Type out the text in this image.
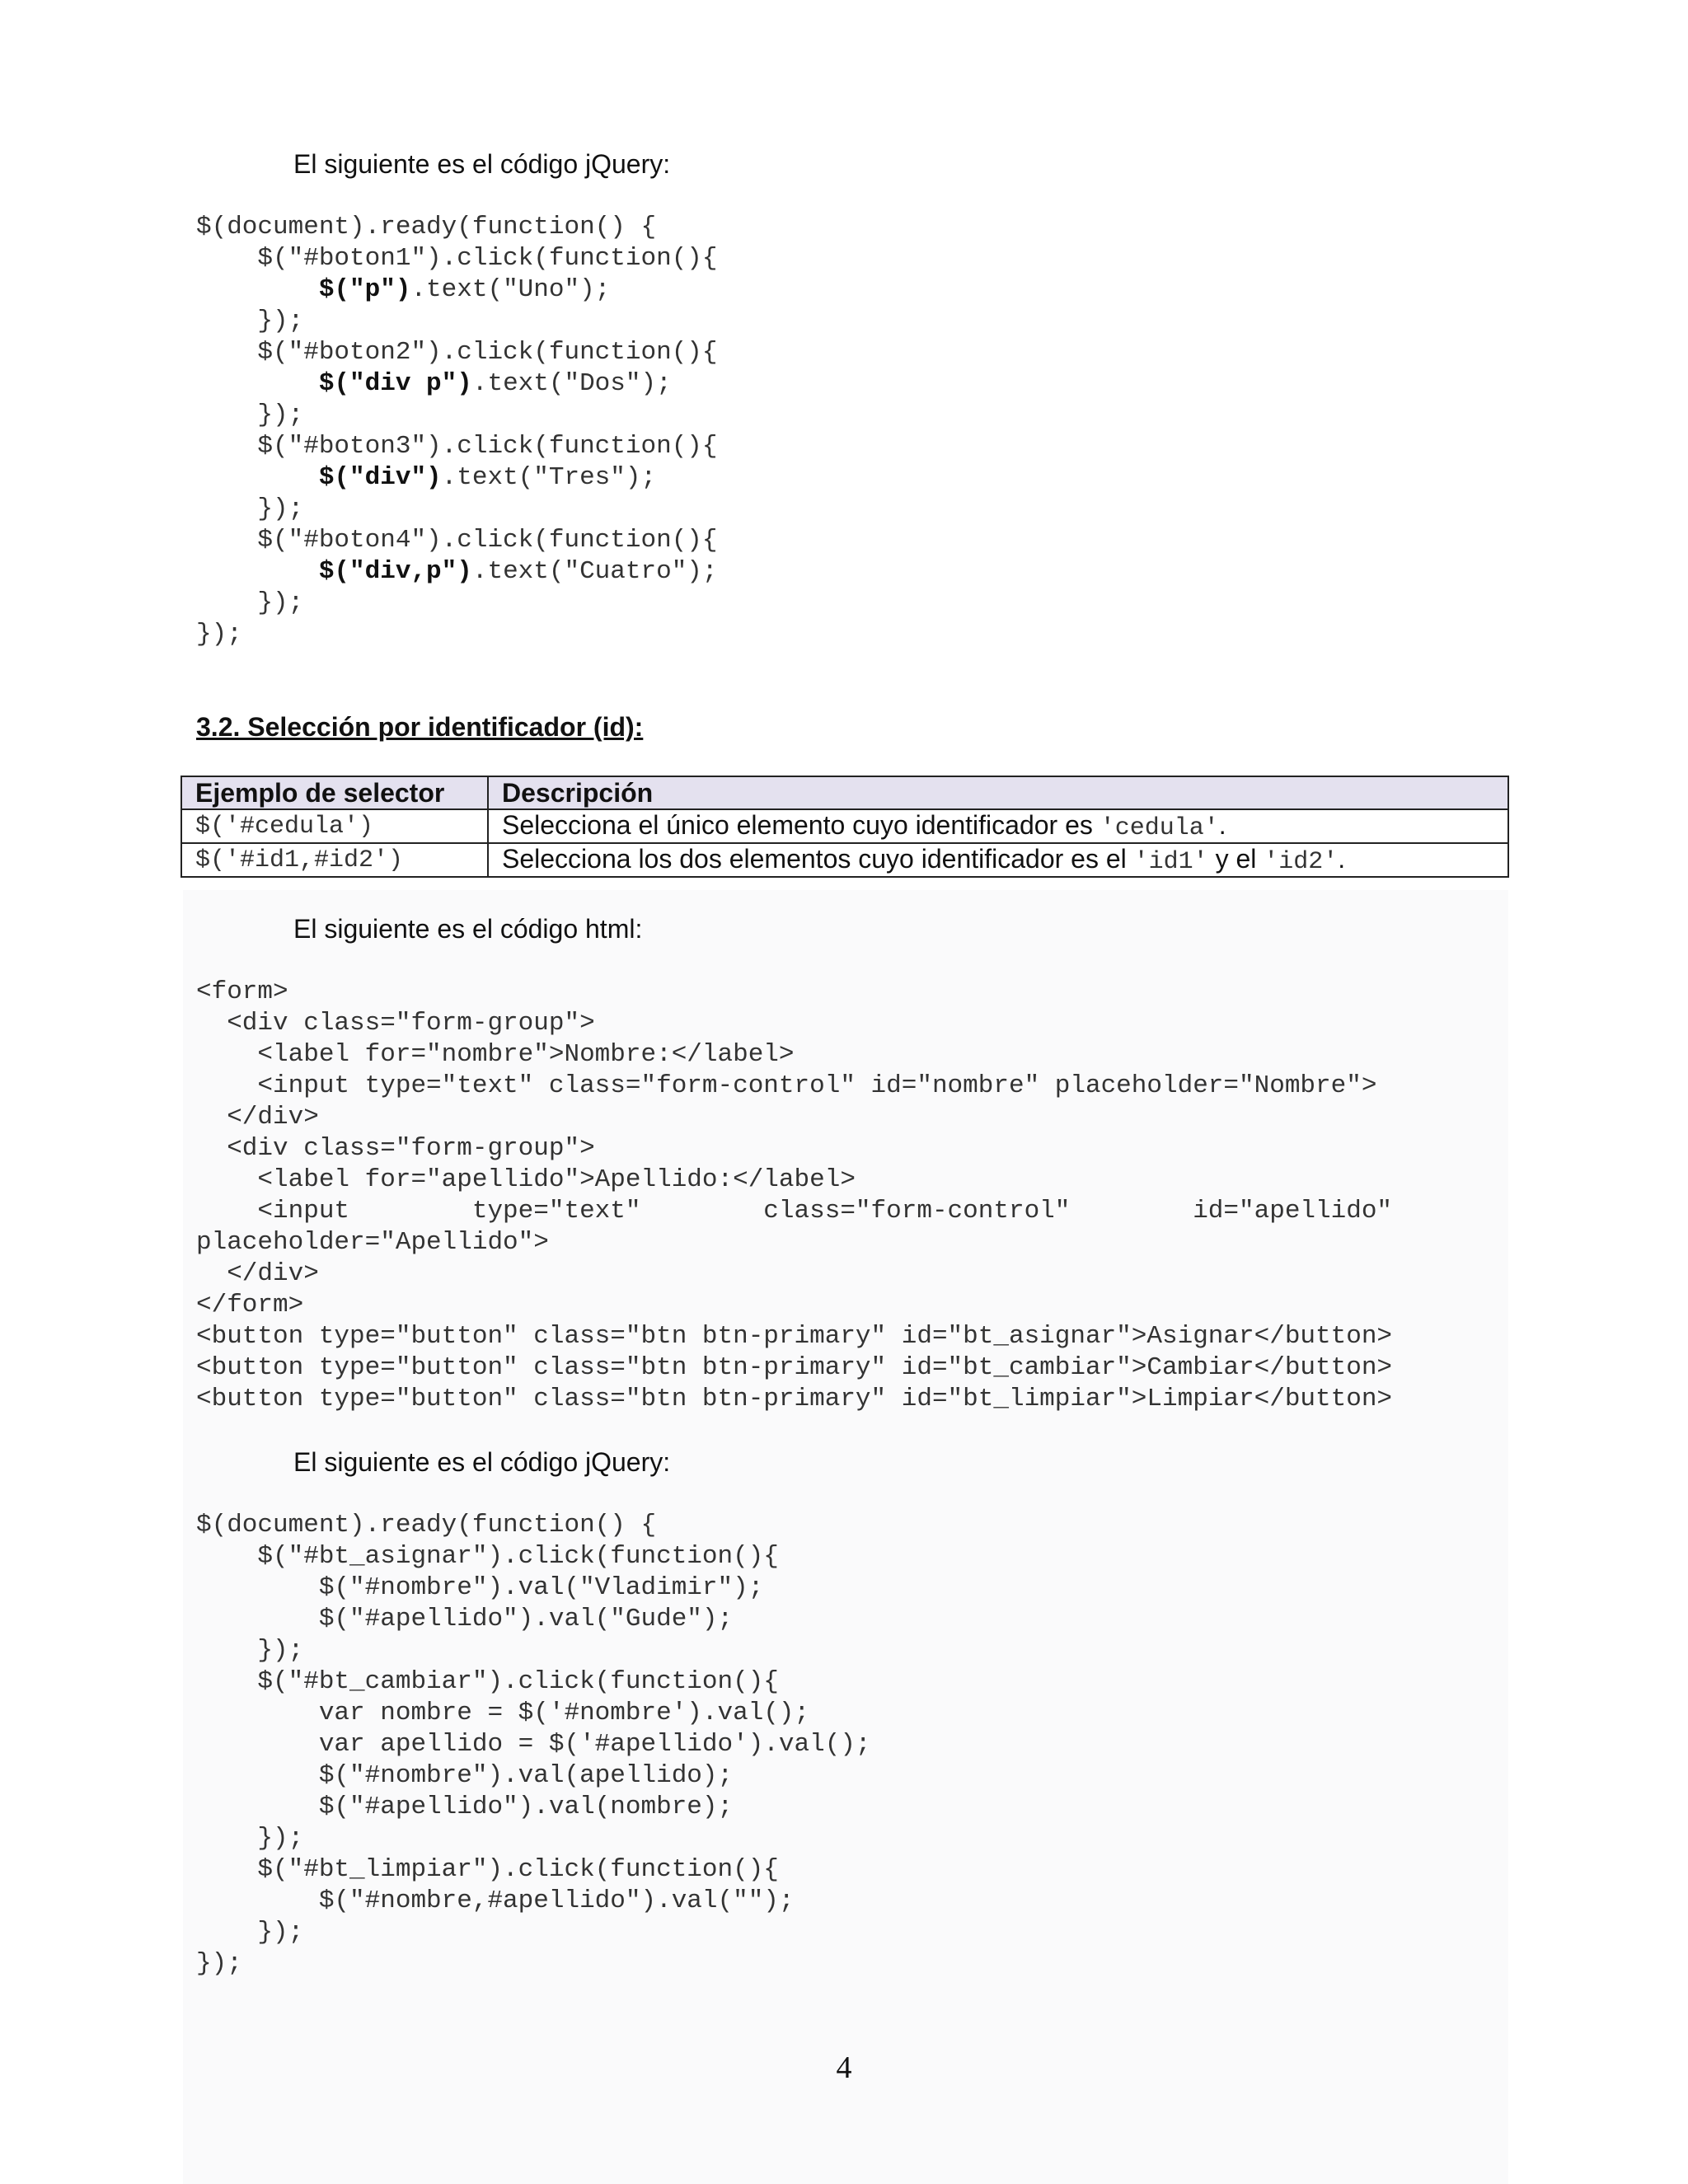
El siguiente es el código jQuery:

$(document).ready(function() {
$("#boton1").click(function(){
$("p").text("Uno");
});
$("#boton2").click(function(){
$("div p").text("Dos");
});
$("#boton3").click(function(){
$("div").text("Tres");
});
$("#boton4").click(function(){
$("div,p").text("Cuatro");
});
});

3.2. Selección por identificador (id):

Ejemplo de selector	Descripción
$('#cedula')	Selecciona el único elemento cuyo identificador es 'cedula'.
$('#id1,#id2')	Selecciona los dos elementos cuyo identificador es el 'id1' y el 'id2'.

El siguiente es el código html:

<form>
<div class="form-group">
<label for="nombre">Nombre:</label>
<input type="text" class="form-control" id="nombre" placeholder="Nombre">
</div>
<div class="form-group">
<label for="apellido">Apellido:</label>
<input        type="text"        class="form-control"        id="apellido"
placeholder="Apellido">
</div>
</form>
<button type="button" class="btn btn-primary" id="bt_asignar">Asignar</button>
<button type="button" class="btn btn-primary" id="bt_cambiar">Cambiar</button>
<button type="button" class="btn btn-primary" id="bt_limpiar">Limpiar</button>

El siguiente es el código jQuery:

$(document).ready(function() {
$("#bt_asignar").click(function(){
$("#nombre").val("Vladimir");
$("#apellido").val("Gude");
});
$("#bt_cambiar").click(function(){
var nombre = $('#nombre').val();
var apellido = $('#apellido').val();
$("#nombre").val(apellido);
$("#apellido").val(nombre);
});
$("#bt_limpiar").click(function(){
$("#nombre,#apellido").val("");
});
});
4
